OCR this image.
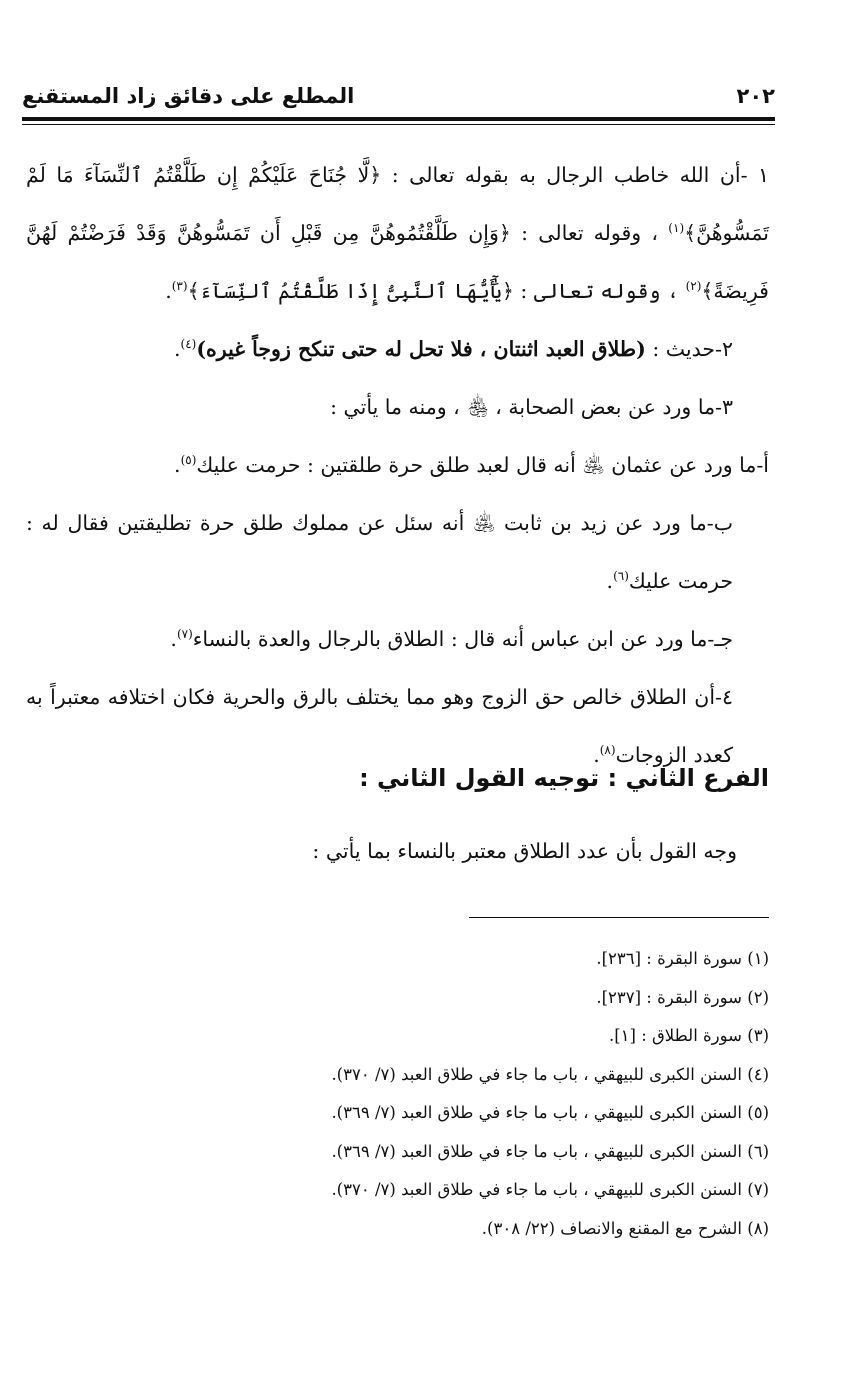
٢٠٢
المطلع على دقائق زاد المستقنع

١ -أن الله خاطب الرجال به بقوله تعالى : ﴿لَّا جُنَاحَ عَلَيْكُمْ إِن طَلَّقْتُمُ ٱلنِّسَآءَ مَا لَمْ تَمَسُّوهُنَّ﴾$^{(١)}$ ، وقوله تعالى : ﴿وَإِن طَلَّقْتُمُوهُنَّ مِن قَبْلِ أَن تَمَسُّوهُنَّ وَقَدْ فَرَضْتُمْ لَهُنَّ فَرِيضَةً﴾$^{(٢)}$ ، وقوله تعالى : ﴿يَٰٓأَيُّهَا ٱلنَّبِىُّ إِذَا طَلَّقْتُمُ ٱلنِّسَآءَ﴾$^{(٣)}$.

٢-حديث : (طلاق العبد اثنتان ، فلا تحل له حتى تنكح زوجاً غيره)$^{(٤)}$.

٣-ما ورد عن بعض الصحابة ، ﵃ ، ومنه ما يأتي :

أ-ما ورد عن عثمان ﵁ أنه قال لعبد طلق حرة طلقتين : حرمت عليك$^{(٥)}$.

ب-ما ورد عن زيد بن ثابت ﵁ أنه سئل عن مملوك طلق حرة تطليقتين فقال له : حرمت عليك$^{(٦)}$.

جـ-ما ورد عن ابن عباس أنه قال : الطلاق بالرجال والعدة بالنساء$^{(٧)}$.

٤-أن الطلاق خالص حق الزوج وهو مما يختلف بالرق والحرية فكان اختلافه معتبراً به كعدد الزوجات$^{(٨)}$.

الفرع الثاني : توجيه القول الثاني :
وجه القول بأن عدد الطلاق معتبر بالنساء بما يأتي :
(١) سورة البقرة : [٢٣٦].
(٢) سورة البقرة : [٢٣٧].
(٣) سورة الطلاق : [١].
(٤) السنن الكبرى للبيهقي ، باب ما جاء في طلاق العبد (٧/ ٣٧٠).
(٥) السنن الكبرى للبيهقي ، باب ما جاء في طلاق العبد (٧/ ٣٦٩).
(٦) السنن الكبرى للبيهقي ، باب ما جاء في طلاق العبد (٧/ ٣٦٩).
(٧) السنن الكبرى للبيهقي ، باب ما جاء في طلاق العبد (٧/ ٣٧٠).
(٨) الشرح مع المقنع والانصاف (٢٢/ ٣٠٨).
